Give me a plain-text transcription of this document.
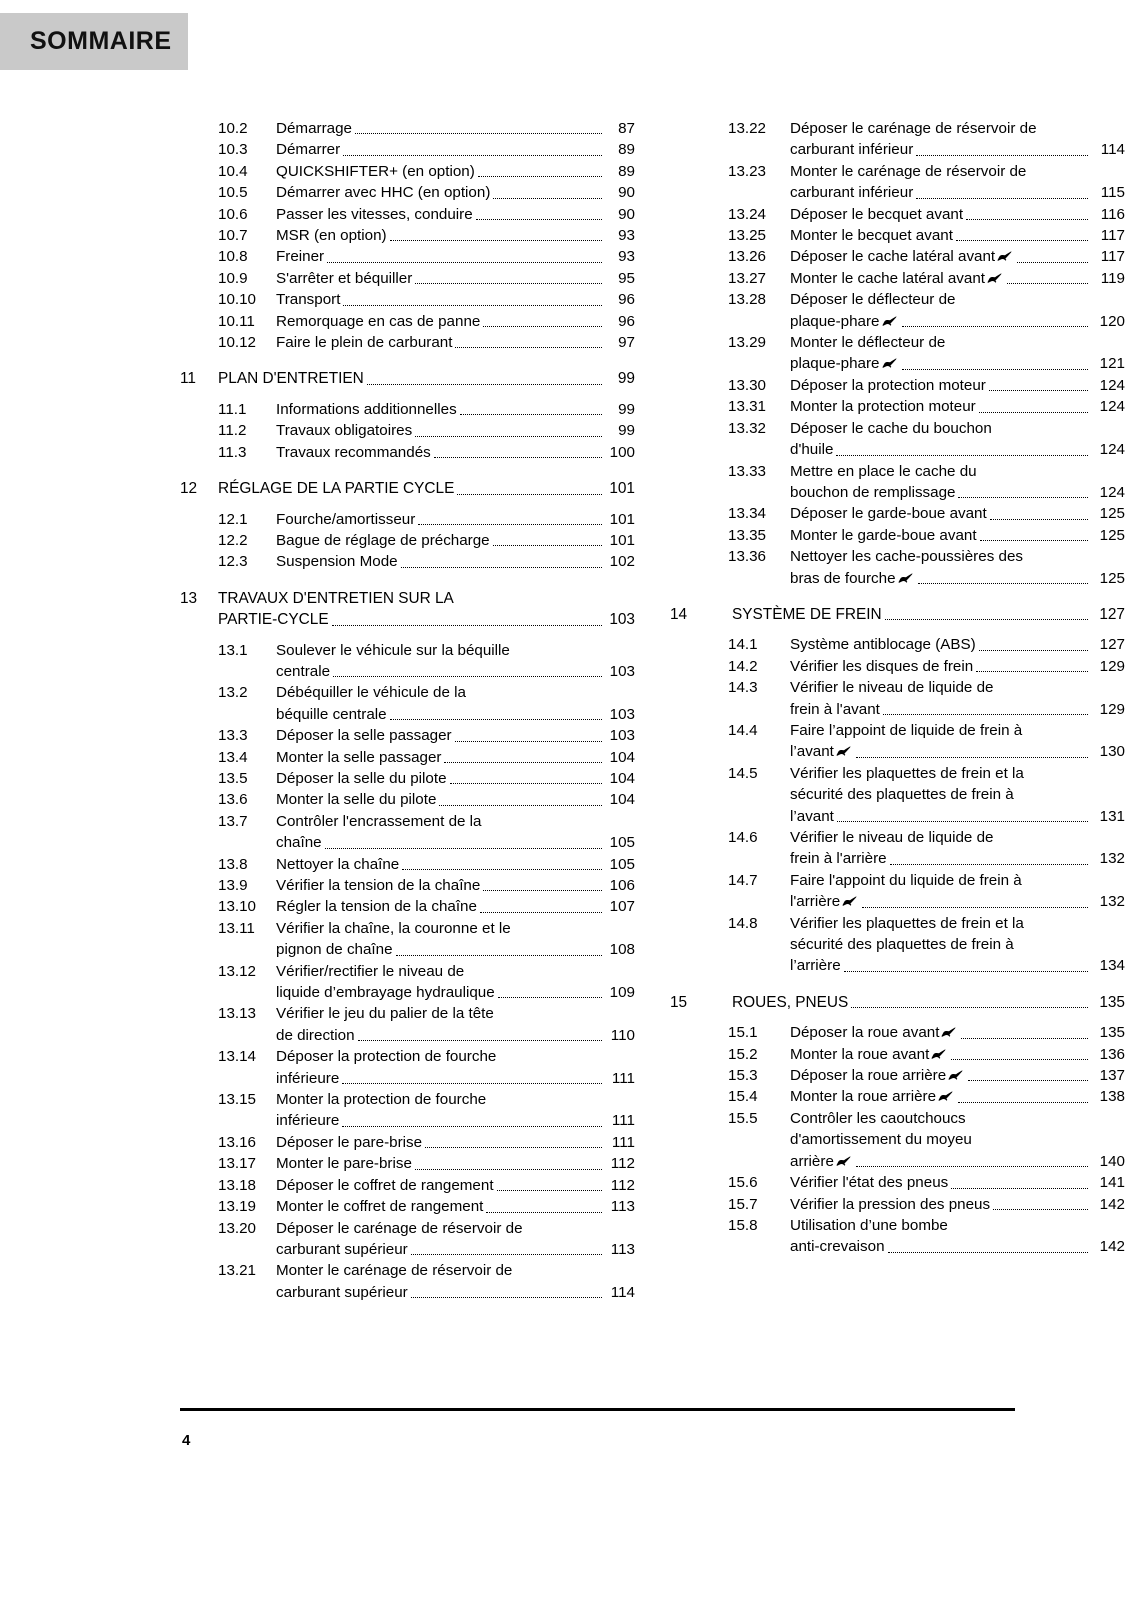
SOMMAIRE
10.2	Démarrage	87
10.3	Démarrer	89
10.4	QUICKSHIFTER+ (en option)	89
10.5	Démarrer avec HHC (en option)	90
10.6	Passer les vitesses, conduire	90
10.7	MSR (en option)	93
10.8	Freiner	93
10.9	S'arrêter et béquiller	95
10.10	Transport	96
10.11	Remorquage en cas de panne	96
10.12	Faire le plein de carburant	97
11	PLAN D'ENTRETIEN	99
11.1	Informations additionnelles	99
11.2	Travaux obligatoires	99
11.3	Travaux recommandés	100
12	RÉGLAGE DE LA PARTIE CYCLE	101
12.1	Fourche/amortisseur	101
12.2	Bague de réglage de précharge	101
12.3	Suspension Mode	102
13	TRAVAUX D'ENTRETIEN SUR LA
PARTIE-CYCLE	103
13.1	Soulever le véhicule sur la béquille
centrale	103
13.2	Débéquiller le véhicule de la
béquille centrale	103
13.3	Déposer la selle passager	103
13.4	Monter la selle passager	104
13.5	Déposer la selle du pilote	104
13.6	Monter la selle du pilote	104
13.7	Contrôler l'encrassement de la
chaîne	105
13.8	Nettoyer la chaîne	105
13.9	Vérifier la tension de la chaîne	106
13.10	Régler la tension de la chaîne	107
13.11	Vérifier la chaîne, la couronne et le
pignon de chaîne	108
13.12	Vérifier/rectifier le niveau de
liquide d’embrayage hydraulique	109
13.13	Vérifier le jeu du palier de la tête
de direction	110
13.14	Déposer la protection de fourche
inférieure	111
13.15	Monter la protection de fourche
inférieure	111
13.16	Déposer le pare-brise	111
13.17	Monter le pare-brise	112
13.18	Déposer le coffret de rangement	112
13.19	Monter le coffret de rangement	113
13.20	Déposer le carénage de réservoir de
carburant supérieur	113
13.21	Monter le carénage de réservoir de
carburant supérieur	114
13.22	Déposer le carénage de réservoir de
carburant inférieur	114
13.23	Monter le carénage de réservoir de
carburant inférieur	115
13.24	Déposer le becquet avant	116
13.25	Monter le becquet avant	117
13.26	Déposer le cache latéral avant	117
13.27	Monter le cache latéral avant	119
13.28	Déposer le déflecteur de
plaque-phare	120
13.29	Monter le déflecteur de
plaque-phare	121
13.30	Déposer la protection moteur	124
13.31	Monter la protection moteur	124
13.32	Déposer le cache du bouchon
d'huile	124
13.33	Mettre en place le cache du
bouchon de remplissage	124
13.34	Déposer le garde-boue avant	125
13.35	Monter le garde-boue avant	125
13.36	Nettoyer les cache-poussières des
bras de fourche	125
14	SYSTÈME DE FREIN	127
14.1	Système antiblocage (ABS)	127
14.2	Vérifier les disques de frein	129
14.3	Vérifier le niveau de liquide de
frein à l'avant	129
14.4	Faire l’appoint de liquide de frein à
l’avant	130
14.5	Vérifier les plaquettes de frein et la
sécurité des plaquettes de frein à
l’avant	131
14.6	Vérifier le niveau de liquide de
frein à l'arrière	132
14.7	Faire l'appoint du liquide de frein à
l'arrière	132
14.8	Vérifier les plaquettes de frein et la
sécurité des plaquettes de frein à
l’arrière	134
15	ROUES, PNEUS	135
15.1	Déposer la roue avant	135
15.2	Monter la roue avant	136
15.3	Déposer la roue arrière	137
15.4	Monter la roue arrière	138
15.5	Contrôler les caoutchoucs
d'amortissement du moyeu
arrière	140
15.6	Vérifier l'état des pneus	141
15.7	Vérifier la pression des pneus	142
15.8	Utilisation d’une bombe
anti-crevaison	142
4
